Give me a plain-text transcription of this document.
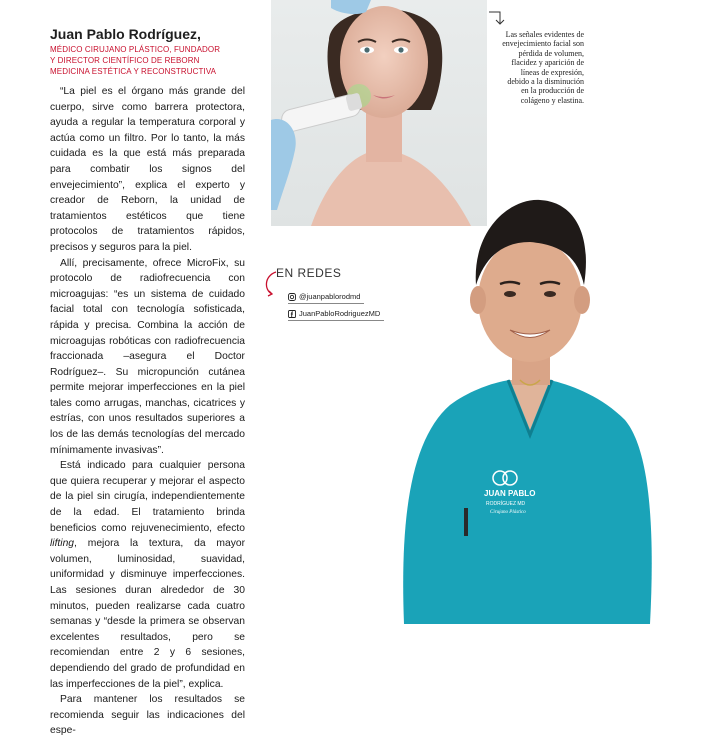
Juan Pablo Rodríguez,
MÉDICO CIRUJANO PLÁSTICO, FUNDADOR
Y DIRECTOR CIENTÍFICO DE REBORN
MEDICINA ESTÉTICA Y RECONSTRUCTIVA

“La piel es el órgano más grande del cuerpo, sirve como barrera protectora, ayuda a regular la temperatura corporal y actúa como un filtro. Por lo tanto, la más cuidada es la que está más preparada para combatir los signos del envejecimiento”, explica el experto y creador de Reborn, la unidad de tratamientos estéticos que tiene protocolos de tratamientos rápidos, precisos y seguros para la piel.

Allí, precisamente, ofrece MicroFix, su protocolo de radiofrecuencia con microagujas: “es un sistema de cuidado facial total con tecnología sofisticada, rápida y precisa. Combina la acción de microagujas robóticas con radiofrecuencia fraccionada –asegura el Doctor Rodríguez–. Su micropunción cutánea permite mejorar imperfecciones en la piel tales como arrugas, manchas, cicatrices y estrías, con unos resultados superiores a los de las demás tecnologías del mercado mínimamente invasivas”.

Está indicado para cualquier persona que quiera recuperar y mejorar el aspecto de la piel sin cirugía, independientemente de la edad. El tratamiento brinda beneficios como rejuvenecimiento, efecto lifting, mejora la textura, da mayor volumen, luminosidad, suavidad, uniformidad y disminuye imperfecciones. Las sesiones duran alrededor de 30 minutos, pueden realizarse cada cuatro semanas y “desde la primera se observan excelentes resultados, pero se recomiendan entre 2 y 6 sesiones, dependiendo del grado de profundidad en las imperfecciones de la piel”, explica.

Para mantener los resultados se recomienda seguir las indicaciones del espe-

Las señales evidentes de envejecimiento facial son pérdida de volumen, flacidez y aparición de líneas de expresión, debido a la disminución en la producción de colágeno y elastina.
EN REDES
@juanpablorodmd
JuanPabloRodriguezMD
JUAN PABLO
RODRÍGUEZ MD
Cirujano Plástico
